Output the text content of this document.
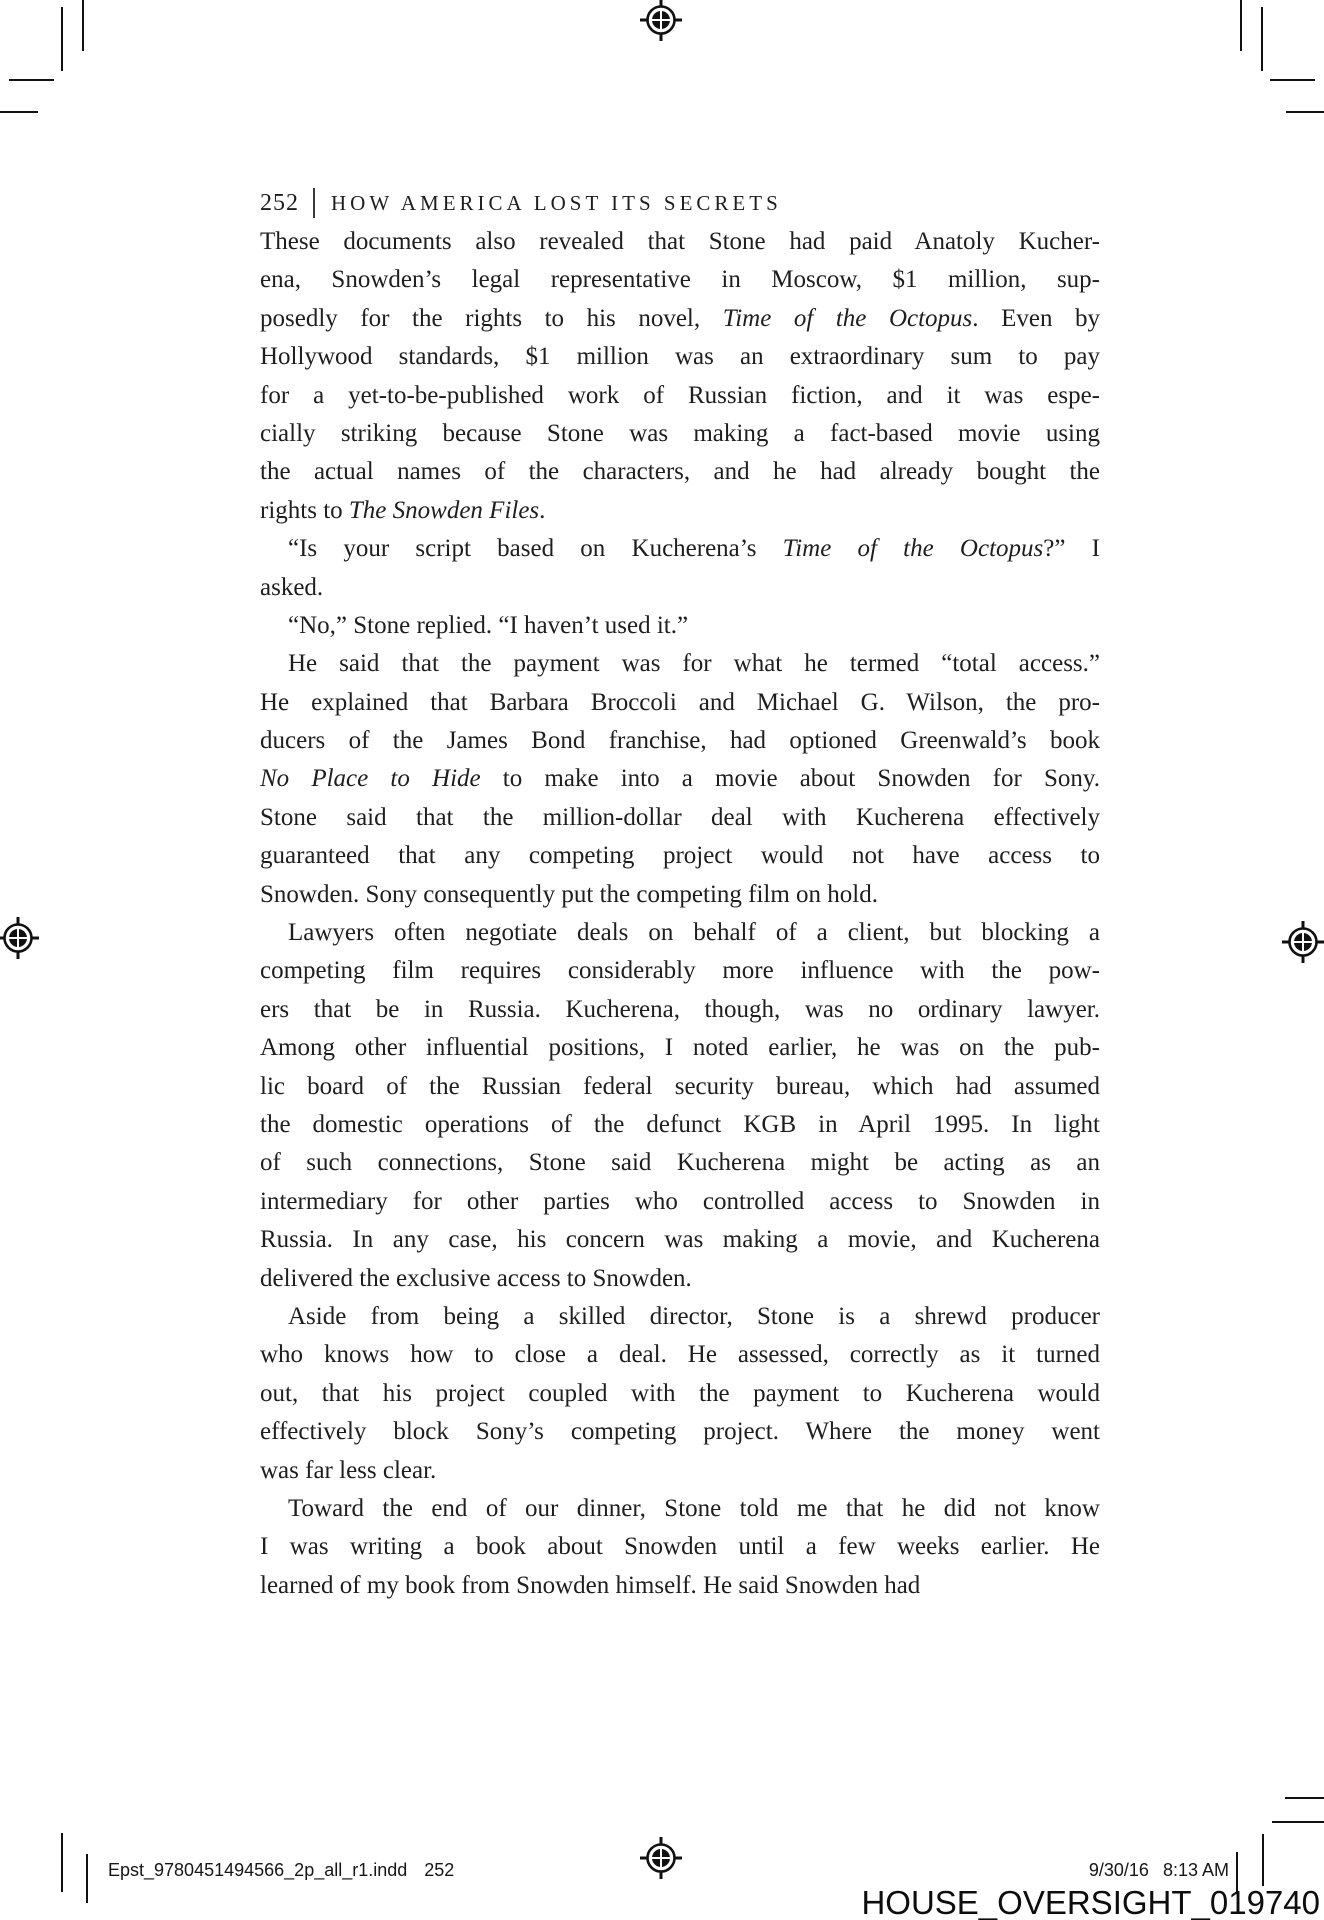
252 HOW AMERICA LOST ITS SECRETS
These documents also revealed that Stone had paid Anatoly Kucher-
ena, Snowden’s legal representative in Moscow, $1 million, sup-
posedly for the rights to his novel, Time of the Octopus. Even by
Hollywood standards, $1 million was an extraordinary sum to pay
for a yet-to-be-published work of Russian fiction, and it was espe-
cially striking because Stone was making a fact-based movie using
the actual names of the characters, and he had already bought the
rights to The Snowden Files.
“Is your script based on Kucherena’s Time of the Octopus?” I
asked.
“No,” Stone replied. “I haven’t used it.”
He said that the payment was for what he termed “total access.”
He explained that Barbara Broccoli and Michael G. Wilson, the pro-
ducers of the James Bond franchise, had optioned Greenwald’s book
No Place to Hide to make into a movie about Snowden for Sony.
Stone said that the million-dollar deal with Kucherena effectively
guaranteed that any competing project would not have access to
Snowden. Sony consequently put the competing film on hold.
Lawyers often negotiate deals on behalf of a client, but blocking a
competing film requires considerably more influence with the pow-
ers that be in Russia. Kucherena, though, was no ordinary lawyer.
Among other influential positions, I noted earlier, he was on the pub-
lic board of the Russian federal security bureau, which had assumed
the domestic operations of the defunct KGB in April 1995. In light
of such connections, Stone said Kucherena might be acting as an
intermediary for other parties who controlled access to Snowden in
Russia. In any case, his concern was making a movie, and Kucherena
delivered the exclusive access to Snowden.
Aside from being a skilled director, Stone is a shrewd producer
who knows how to close a deal. He assessed, correctly as it turned
out, that his project coupled with the payment to Kucherena would
effectively block Sony’s competing project. Where the money went
was far less clear.
Toward the end of our dinner, Stone told me that he did not know
I was writing a book about Snowden until a few weeks earlier. He
learned of my book from Snowden himself. He said Snowden had
Epst_9780451494566_2p_all_r1.indd 252	9/30/16 8:13 AM
HOUSE_OVERSIGHT_019740
